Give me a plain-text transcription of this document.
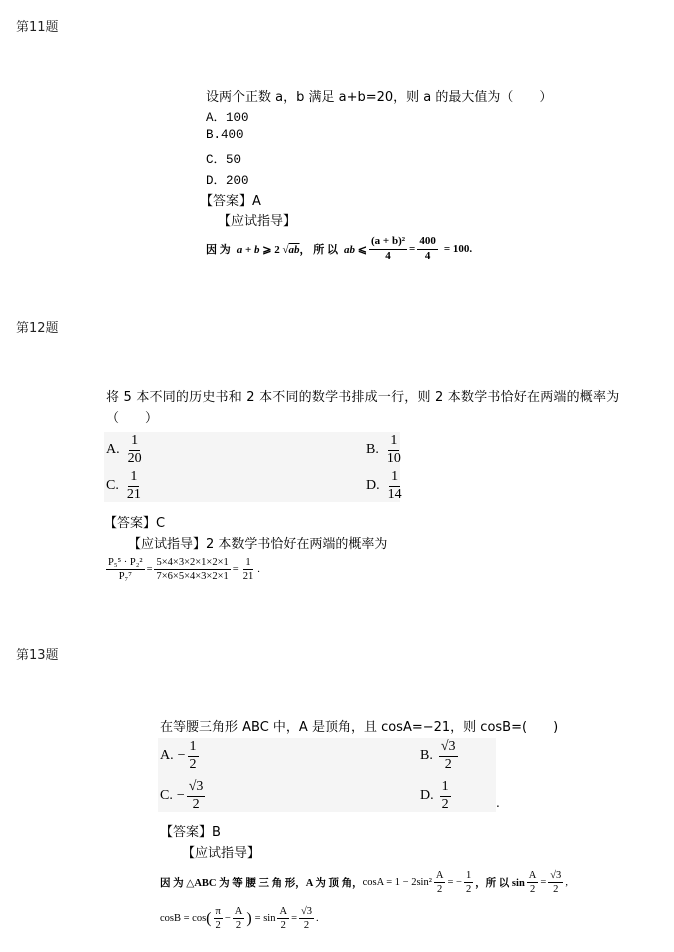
第11题
设两个正数 a，b 满足 a+b=20，则 a 的最大值为（　　）
A．100
B.400
C．50
D．200
【答案】A
【应试指导】
因 为 a + b ⩾ 2 √ab ， 所 以 ab ⩽ $\frac{\text{(a + b)²}}{4} = \frac{400}{4} = 100$.
第12题
将 5 本不同的历史书和 2 本不同的数学书排成一行，则 2 本数学书恰好在两端的概率为
（　　）
A. $\frac{1}{20}$	B. $\frac{1}{10}$
C. $\frac{1}{21}$	D. $\frac{1}{14}$
【答案】C
【应试指导】2 本数学书恰好在两端的概率为
$\frac{\text{P₅⁵ · P₂²}}{\text{P₇⁷}} = \frac{5\times 4\times 3\times 2\times 1\times 2\times 1}{7\times 6\times 5\times 4\times 3\times 2\times 1} = \frac{1}{21}$ .
第13题
在等腰三角形 ABC 中，A 是顶角，且 cosA=−21，则 cosB=(　　)
A. − $\frac{1}{2}$	B. $\frac{√3}{2}$
C. − $\frac{√3}{2}$	D. $\frac{1}{2}$	.
【答案】B
【应试指导】
因 为 △ABC 为 等 腰 三 角 形，A 为 顶 角， $\cos A = 1 - 2\sin^2 \frac{A}{2}$ = − $\frac{1}{2}$ ，所 以 $\sin \frac{A}{2} = \frac{√3}{2}$ ,
cosB = cos ( $\frac{\pi}{2} - \frac{A}{2}$ ) = $\sin \frac{A}{2} = \frac{√3}{2}$ .
